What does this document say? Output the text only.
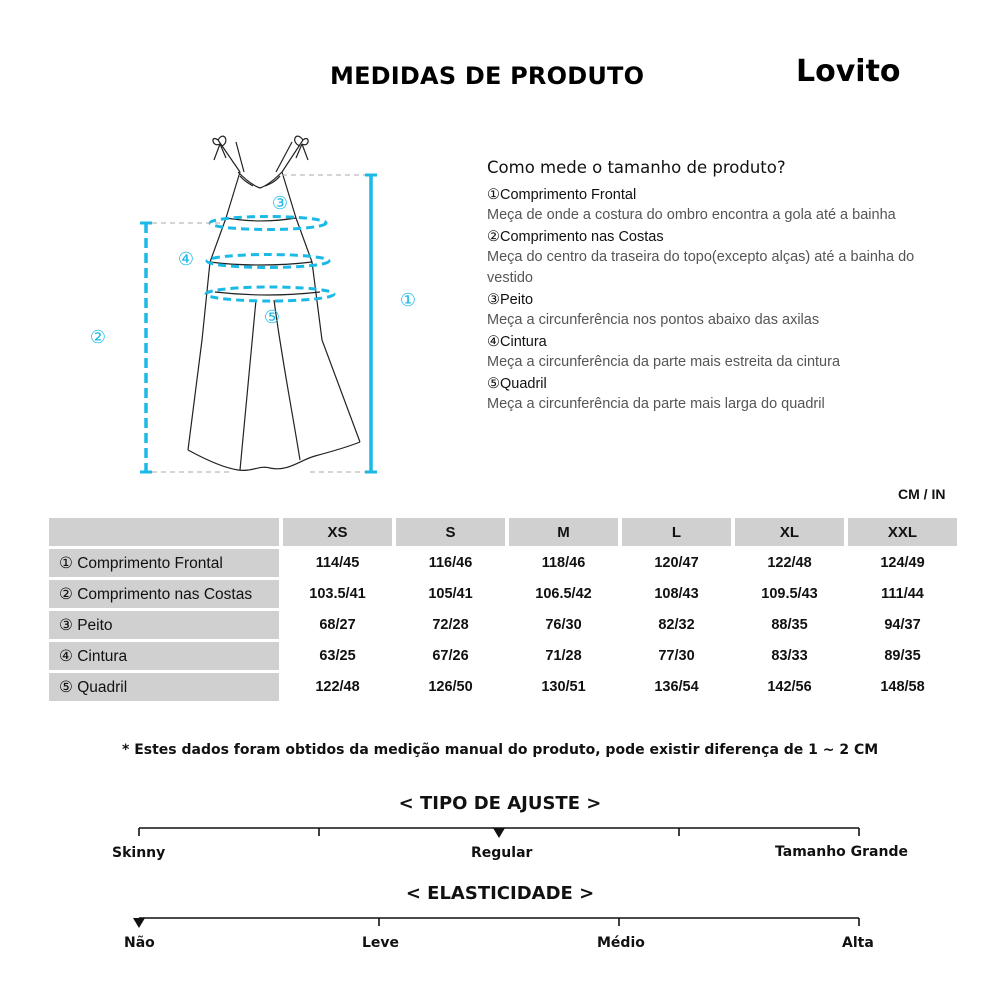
MEDIDAS DE PRODUTO	Lovito
①
②
③
④
⑤
Como mede o tamanho de produto?
①Comprimento Frontal
Meça de onde a costura do ombro encontra a gola até a bainha
②Comprimento nas Costas
Meça do centro da traseira do topo(excepto alças) até a bainha do vestido
③Peito
Meça a circunferência nos pontos abaixo das axilas
④Cintura
Meça a circunferência da parte mais estreita da cintura
⑤Quadril
Meça a circunferência da parte mais larga do quadril
CM / IN
	XS	S	M	L	XL	XXL
① Comprimento Frontal	114/45	116/46	118/46	120/47	122/48	124/49
② Comprimento nas Costas	103.5/41	105/41	106.5/42	108/43	109.5/43	111/44
③ Peito	68/27	72/28	76/30	82/32	88/35	94/37
④ Cintura	63/25	67/26	71/28	77/30	83/33	89/35
⑤ Quadril	122/48	126/50	130/51	136/54	142/56	148/58
* Estes dados foram obtidos da medição manual do produto, pode existir diferença de 1 ~ 2 CM
< TIPO DE AJUSTE >
Skinny	Regular	Tamanho Grande
< ELASTICIDADE >
Não	Leve	Médio	Alta
